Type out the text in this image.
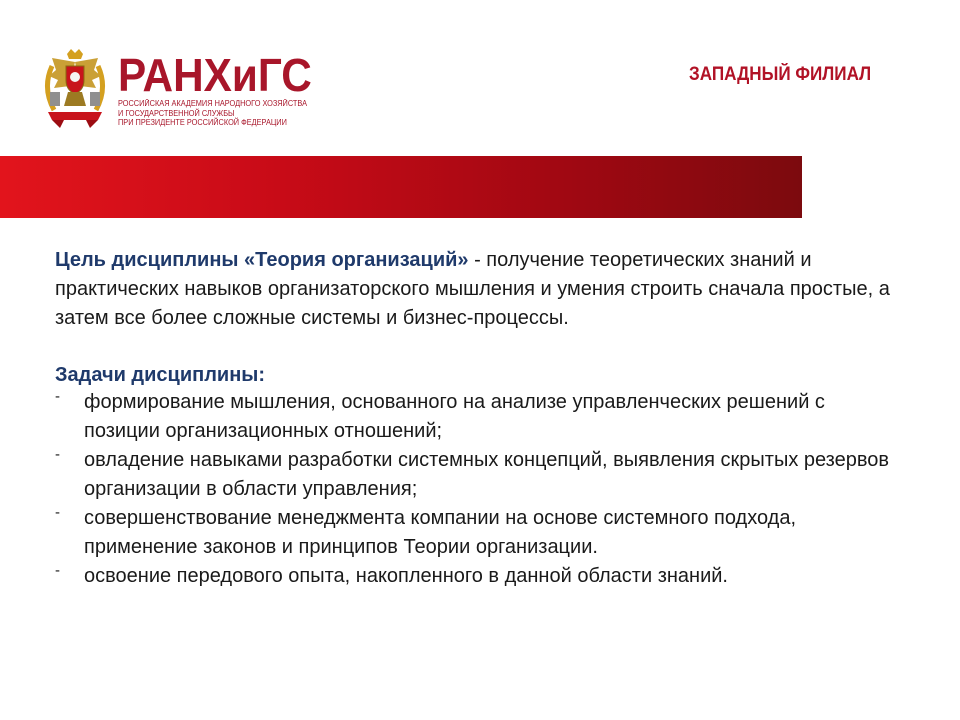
РАНХиГС
РОССИЙСКАЯ АКАДЕМИЯ НАРОДНОГО ХОЗЯЙСТВА
И ГОСУДАРСТВЕННОЙ СЛУЖБЫ
ПРИ ПРЕЗИДЕНТЕ РОССИЙСКОЙ ФЕДЕРАЦИИ
ЗАПАДНЫЙ ФИЛИАЛ

Цель дисциплины «Теория организаций» - получение теоретических знаний и практических навыков организаторского мышления и умения строить сначала простые, а затем все более сложные системы и бизнес-процессы.

Задачи дисциплины:
- формирование мышления, основанного на анализе управленческих решений с позиции организационных отношений;
- овладение навыками разработки системных концепций, выявления скрытых резервов организации в области управления;
- совершенствование менеджмента компании на основе системного подхода, применение законов и принципов Теории организации.
- освоение передового опыта, накопленного в данной области знаний.
